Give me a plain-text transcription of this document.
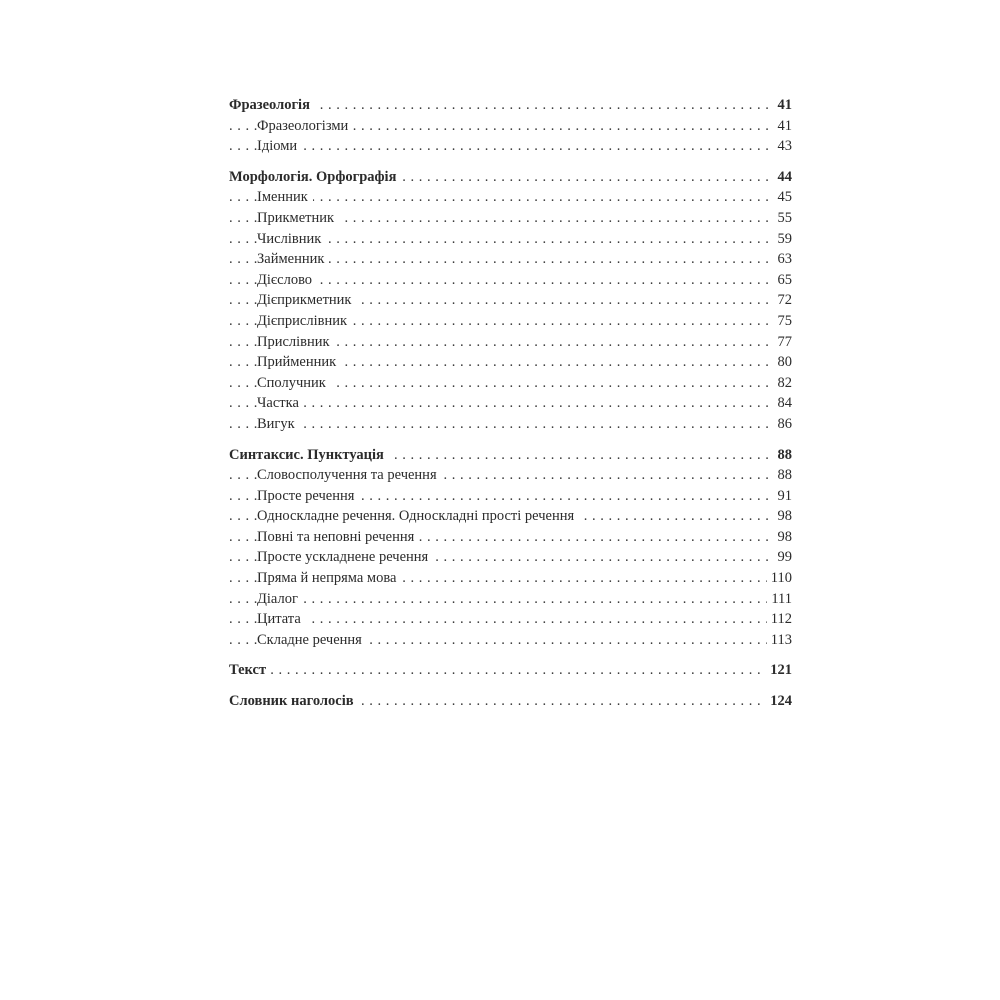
. . . Фразеологія	41
. . . Фразеологізми	41
. . . Ідіоми	43
. . . Морфологія. Орфографія	44
. . . Іменник	45
. . . Прикметник	55
. . . Числівник	59
. . . Займенник	63
. . . Дієслово	65
. . . Дієприкметник	72
. . . Дієприслівник	75
. . . Прислівник	77
. . . Прийменник	80
. . . Сполучник	82
. . . Частка	84
. . . Вигук	86
. . . Синтаксис. Пунктуація	88
. . . Словосполучення та речення	88
. . . Просте речення	91
. . . Односкладне речення. Односкладні прості речення	98
. . . Повні та неповні речення	98
. . . Просте ускладнене речення	99
. . . Пряма й непряма мова	110
. . . Діалог	111
. . . Цитата	112
. . . Складне речення	113
. . . Текст	121
. . . Словник наголосів	124
